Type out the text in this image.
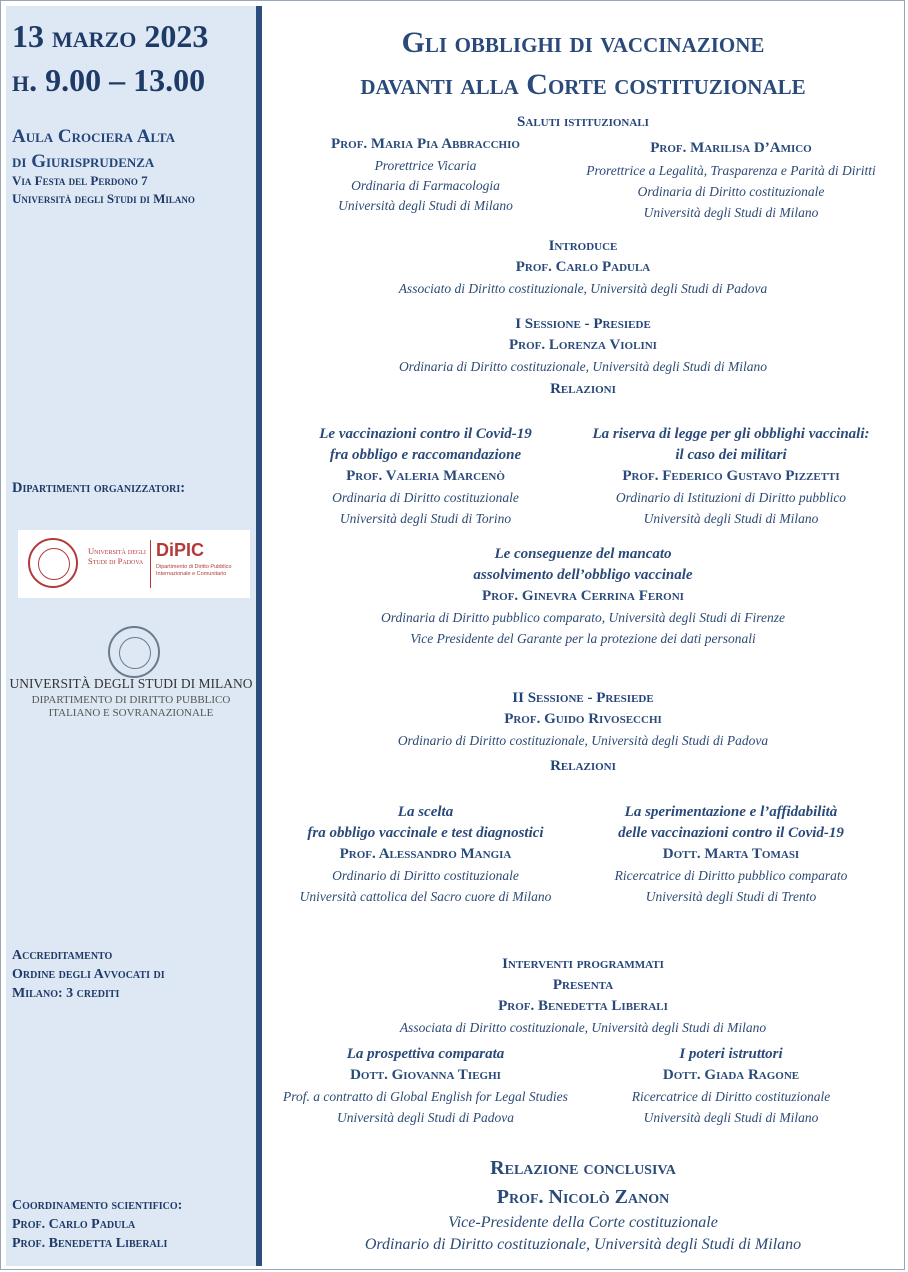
13 marzo 2023
h. 9.00 – 13.00
Aula Crociera Alta
di Giurisprudenza
Via Festa del Perdono 7
Università degli Studi di Milano
Dipartimenti organizzatori:
Università degli Studi di Padova
DiPIC
Dipartimento di Diritto Pubblico Internazionale e Comunitario
UNIVERSITÀ DEGLI STUDI DI MILANO
DIPARTIMENTO DI DIRITTO PUBBLICO
ITALIANO E SOVRANAZIONALE
Accreditamento
Ordine degli Avvocati di
Milano: 3 crediti
Coordinamento scientifico:
Prof. Carlo Padula
Prof. Benedetta Liberali
Gli obblighi di vaccinazione
davanti alla Corte costituzionale
Saluti istituzionali
Prof. Maria Pia Abbracchio
Prorettrice Vicaria
Ordinaria di Farmacologia
Università degli Studi di Milano
Prof. Marilisa D’Amico
Prorettrice a Legalità, Trasparenza e Parità di Diritti
Ordinaria di Diritto costituzionale
Università degli Studi di Milano
Introduce
Prof. Carlo Padula
Associato di Diritto costituzionale, Università degli Studi di Padova
I Sessione - Presiede
Prof. Lorenza Violini
Ordinaria di Diritto costituzionale, Università degli Studi di Milano
Relazioni
Le vaccinazioni contro il Covid-19
fra obbligo e raccomandazione
Prof. Valeria Marcenò
Ordinaria di Diritto costituzionale
Università degli Studi di Torino
La riserva di legge per gli obblighi vaccinali:
il caso dei militari
Prof. Federico Gustavo Pizzetti
Ordinario di Istituzioni di Diritto pubblico
Università degli Studi di Milano
Le conseguenze del mancato
assolvimento dell’obbligo vaccinale
Prof. Ginevra Cerrina Feroni
Ordinaria di Diritto pubblico comparato, Università degli Studi di Firenze
Vice Presidente del Garante per la protezione dei dati personali
II Sessione - Presiede
Prof. Guido Rivosecchi
Ordinario di Diritto costituzionale, Università degli Studi di Padova
Relazioni
La scelta
fra obbligo vaccinale e test diagnostici
Prof. Alessandro Mangia
Ordinario di Diritto costituzionale
Università cattolica del Sacro cuore di Milano
La sperimentazione e l’affidabilità
delle vaccinazioni contro il Covid-19
Dott. Marta Tomasi
Ricercatrice di Diritto pubblico comparato
Università degli Studi di Trento
Interventi programmati
Presenta
Prof. Benedetta Liberali
Associata di Diritto costituzionale, Università degli Studi di Milano
La prospettiva comparata
Dott. Giovanna Tieghi
Prof. a contratto di Global English for Legal Studies
Università degli Studi di Padova
I poteri istruttori
Dott. Giada Ragone
Ricercatrice di Diritto costituzionale
Università degli Studi di Milano
Relazione conclusiva
Prof. Nicolò Zanon
Vice-Presidente della Corte costituzionale
Ordinario di Diritto costituzionale, Università degli Studi di Milano
